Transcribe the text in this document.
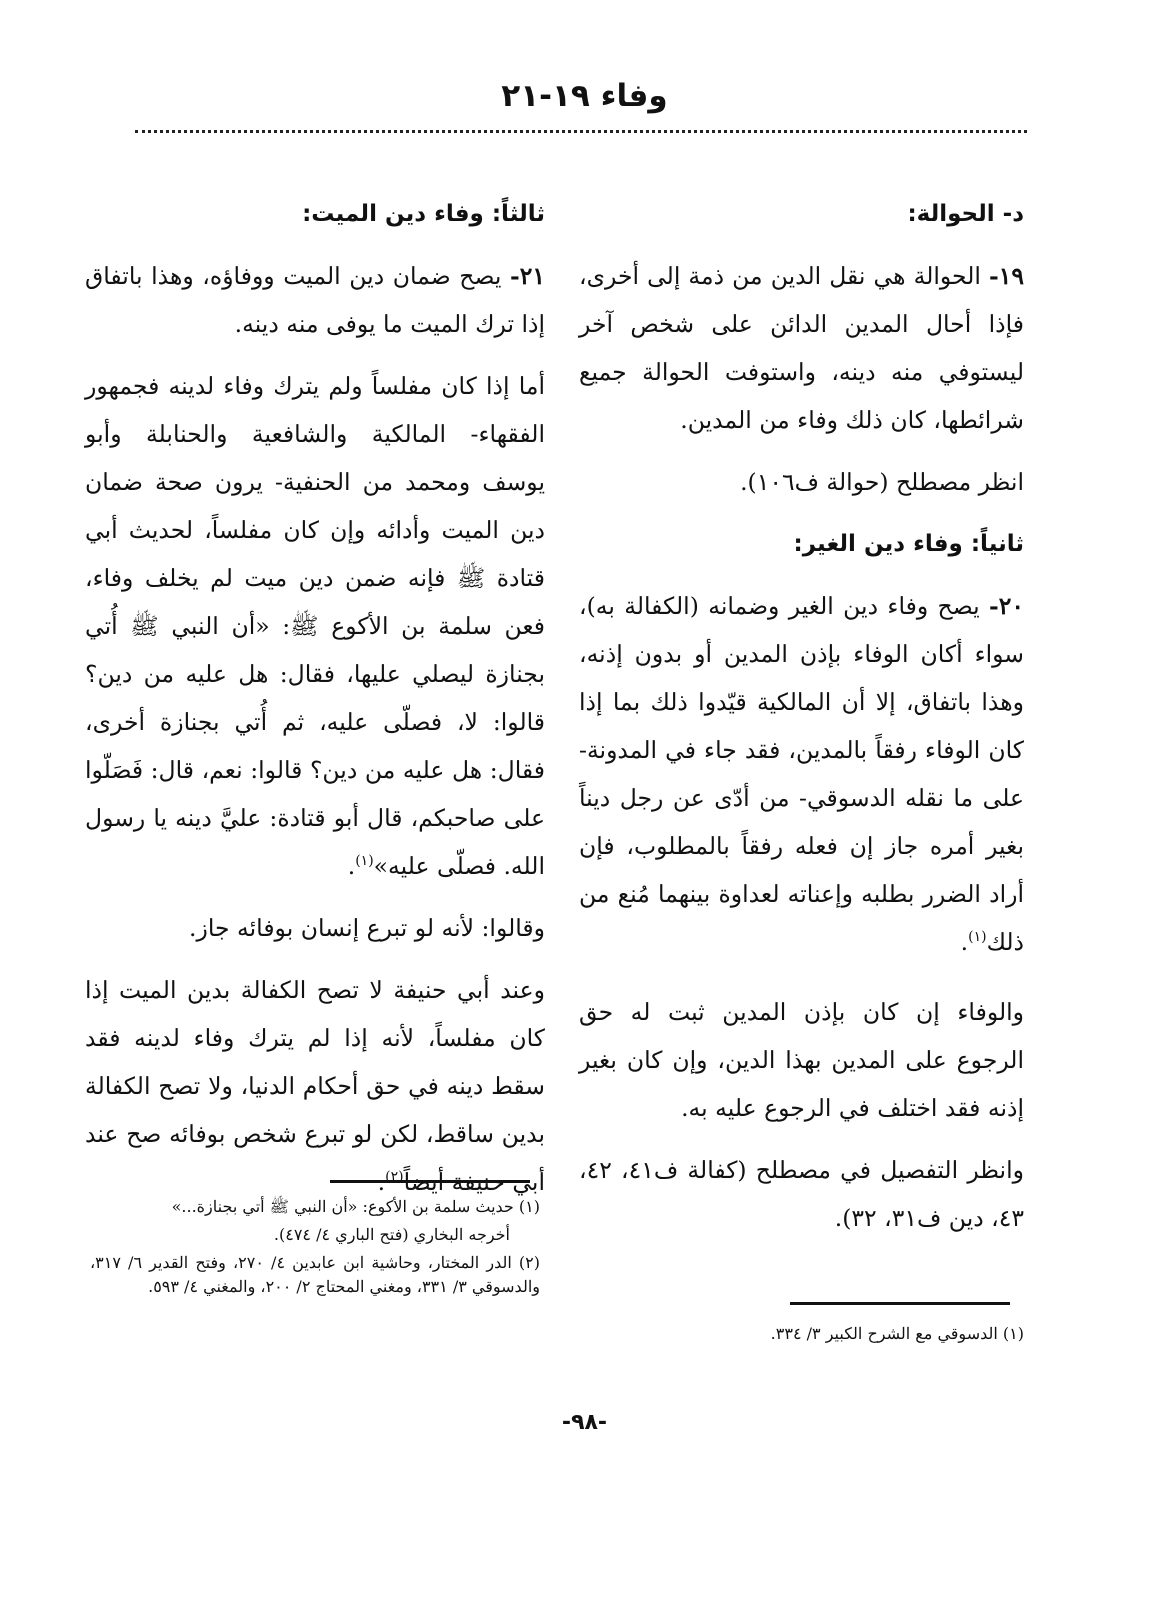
وفاء ١٩-٢١

د- الحوالة:

١٩- الحوالة هي نقل الدين من ذمة إلى أخرى، فإذا أحال المدين الدائن على شخص آخر ليستوفي منه دينه، واستوفت الحوالة جميع شرائطها، كان ذلك وفاء من المدين.

انظر مصطلح (حوالة ف١٠٦).

ثانياً: وفاء دين الغير:

٢٠- يصح وفاء دين الغير وضمانه (الكفالة به)، سواء أكان الوفاء بإذن المدين أو بدون إذنه، وهذا باتفاق، إلا أن المالكية قيّدوا ذلك بما إذا كان الوفاء رفقاً بالمدين، فقد جاء في المدونة- على ما نقله الدسوقي- من أدّى عن رجل ديناً بغير أمره جاز إن فعله رفقاً بالمطلوب، فإن أراد الضرر بطلبه وإعناته لعداوة بينهما مُنع من ذلك$^{(١)}$.

والوفاء إن كان بإذن المدين ثبت له حق الرجوع على المدين بهذا الدين، وإن كان بغير إذنه فقد اختلف في الرجوع عليه به.

وانظر التفصيل في مصطلح (كفالة ف٤١، ٤٢، ٤٣، دين ف٣١، ٣٢).

ثالثاً: وفاء دين الميت:

٢١- يصح ضمان دين الميت ووفاؤه، وهذا باتفاق إذا ترك الميت ما يوفى منه دينه.

أما إذا كان مفلساً ولم يترك وفاء لدينه فجمهور الفقهاء- المالكية والشافعية والحنابلة وأبو يوسف ومحمد من الحنفية- يرون صحة ضمان دين الميت وأدائه وإن كان مفلساً، لحديث أبي قتادة ﷺ فإنه ضمن دين ميت لم يخلف وفاء، فعن سلمة بن الأكوع ﷺ: «أن النبي ﷺ أُتي بجنازة ليصلي عليها، فقال: هل عليه من دين؟ قالوا: لا، فصلّى عليه، ثم أُتي بجنازة أخرى، فقال: هل عليه من دين؟ قالوا: نعم، قال: فَصَلّوا على صاحبكم، قال أبو قتادة: عليَّ دينه يا رسول الله. فصلّى عليه»$^{(١)}$.

وقالوا: لأنه لو تبرع إنسان بوفائه جاز.

وعند أبي حنيفة لا تصح الكفالة بدين الميت إذا كان مفلساً، لأنه إذا لم يترك وفاء لدينه فقد سقط دينه في حق أحكام الدنيا، ولا تصح الكفالة بدين ساقط، لكن لو تبرع شخص بوفائه صح عند أبي حنيفة أيضاً$^{(٢)}$.

(١) حديث سلمة بن الأكوع: «أن النبي ﷺ أتي بجنازة...»

أخرجه البخاري (فتح الباري ٤/ ٤٧٤).

(٢) الدر المختار، وحاشية ابن عابدين ٤/ ٢٧٠، وفتح القدير ٦/ ٣١٧، والدسوقي ٣/ ٣٣١، ومغني المحتاج ٢/ ٢٠٠، والمغني ٤/ ٥٩٣.

(١) الدسوقي مع الشرح الكبير ٣/ ٣٣٤.

-٩٨-
